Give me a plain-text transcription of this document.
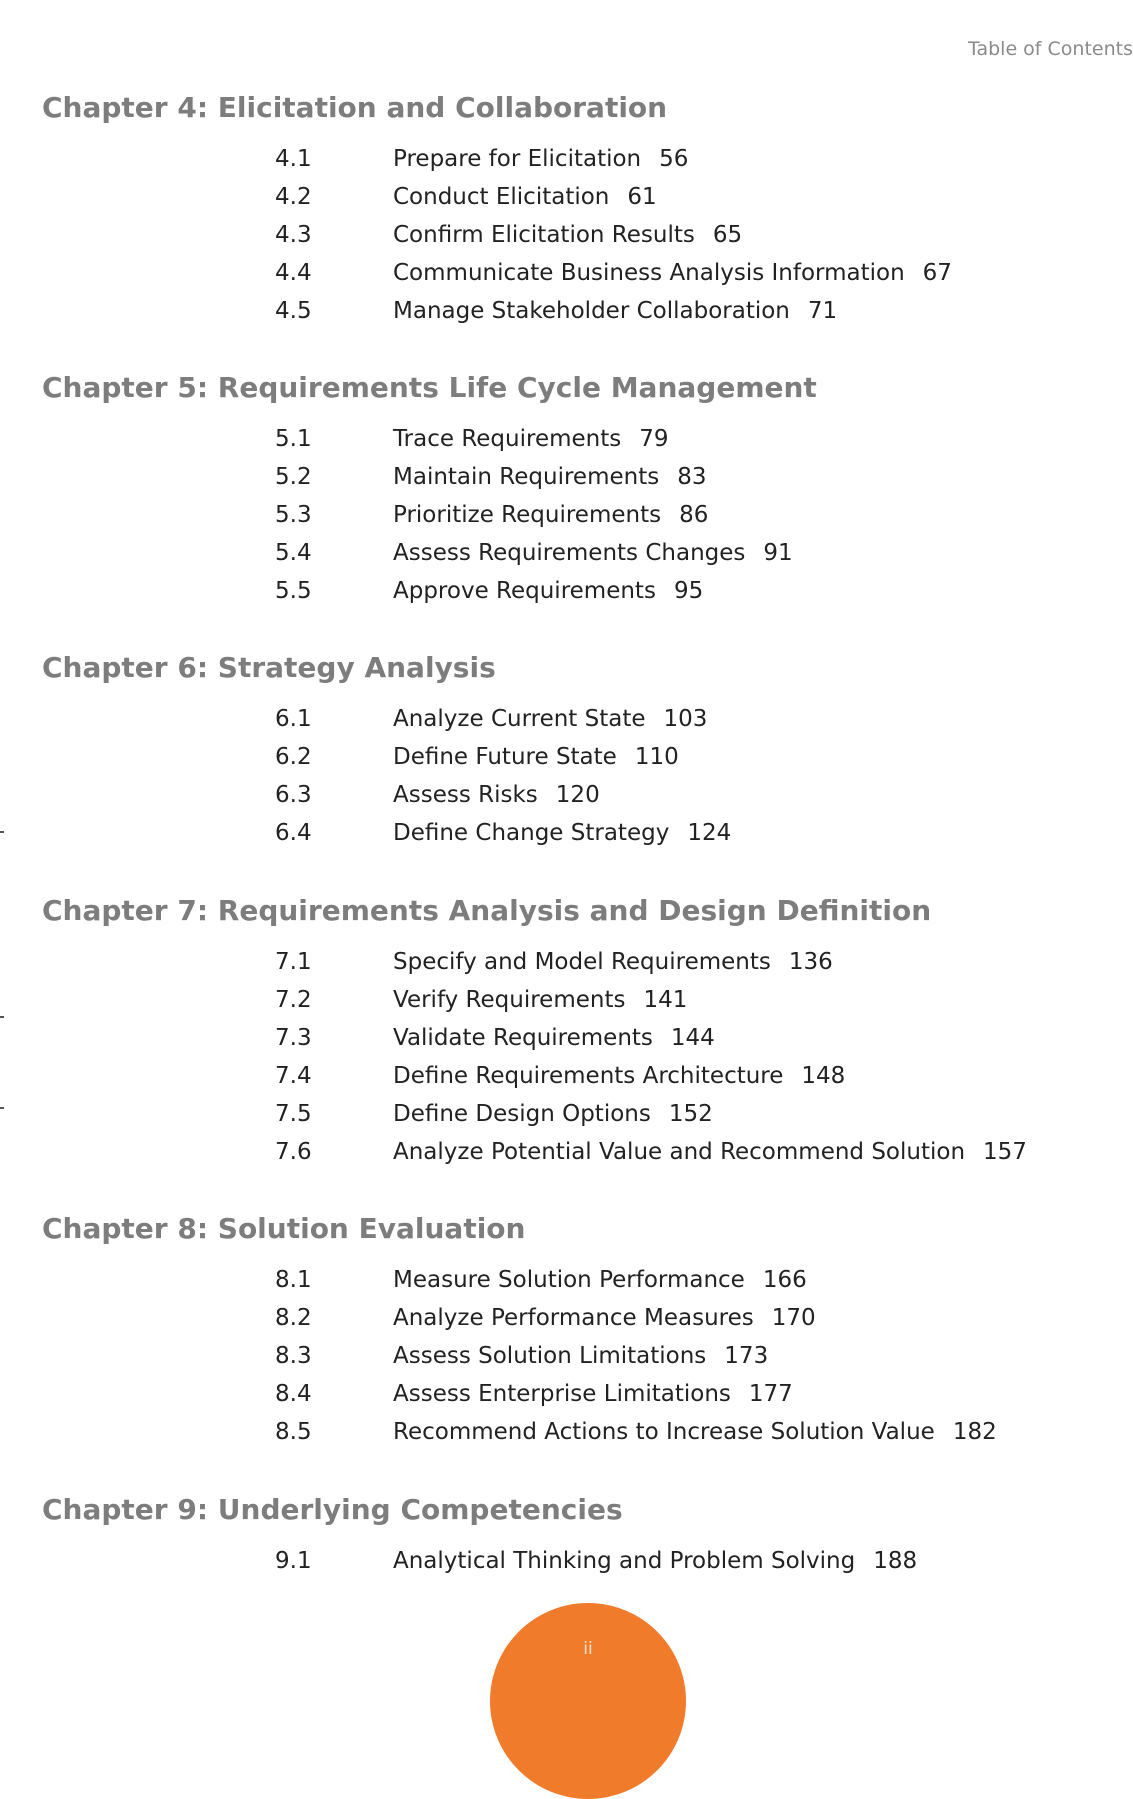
Table of Contents
Chapter 4: Elicitation and Collaboration
4.1	Prepare for Elicitation 56
4.2	Conduct Elicitation 61
4.3	Confirm Elicitation Results 65
4.4	Communicate Business Analysis Information 67
4.5	Manage Stakeholder Collaboration 71
Chapter 5: Requirements Life Cycle Management
5.1	Trace Requirements 79
5.2	Maintain Requirements 83
5.3	Prioritize Requirements 86
5.4	Assess Requirements Changes 91
5.5	Approve Requirements 95
Chapter 6: Strategy Analysis
6.1	Analyze Current State 103
6.2	Define Future State 110
6.3	Assess Risks 120
6.4	Define Change Strategy 124
Chapter 7: Requirements Analysis and Design Definition
7.1	Specify and Model Requirements 136
7.2	Verify Requirements 141
7.3	Validate Requirements 144
7.4	Define Requirements Architecture 148
7.5	Define Design Options 152
7.6	Analyze Potential Value and Recommend Solution 157
Chapter 8: Solution Evaluation
8.1	Measure Solution Performance 166
8.2	Analyze Performance Measures 170
8.3	Assess Solution Limitations 173
8.4	Assess Enterprise Limitations 177
8.5	Recommend Actions to Increase Solution Value 182
Chapter 9: Underlying Competencies
9.1	Analytical Thinking and Problem Solving 188
ii
